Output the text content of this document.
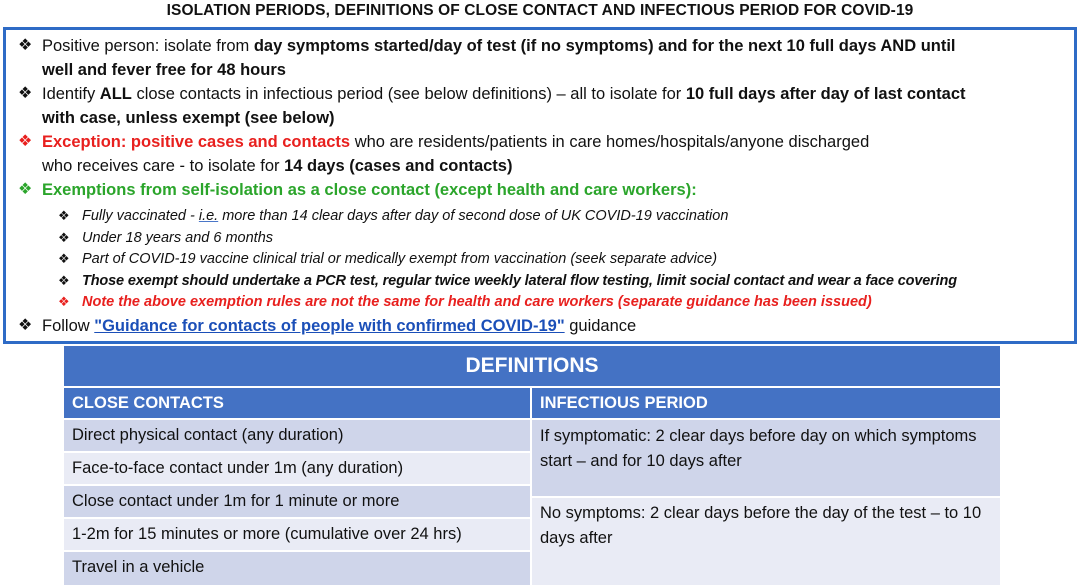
ISOLATION PERIODS, DEFINITIONS OF CLOSE CONTACT AND INFECTIOUS PERIOD FOR COVID-19
❖ Positive person: isolate from day symptoms started/day of test (if no symptoms) and for the next 10 full days AND until
well and fever free for 48 hours
❖ Identify ALL close contacts in infectious period (see below definitions) – all to isolate for 10 full days after day of last contact
with case, unless exempt (see below)
❖ Exception: positive cases and contacts who are residents/patients in care homes/hospitals/anyone discharged
who receives care - to isolate for 14 days (cases and contacts)
❖ Exemptions from self-isolation as a close contact (except health and care workers):
❖ Fully vaccinated - i.e. more than 14 clear days after day of second dose of UK COVID-19 vaccination
❖ Under 18 years and 6 months
❖ Part of COVID-19 vaccine clinical trial or medically exempt from vaccination (seek separate advice)
❖ Those exempt should undertake a PCR test, regular twice weekly lateral flow testing, limit social contact and wear a face covering
❖ Note the above exemption rules are not the same for health and care workers (separate guidance has been issued)
❖ Follow "Guidance for contacts of people with confirmed COVID-19" guidance
DEFINITIONS
CLOSE CONTACTS	INFECTIOUS PERIOD
Direct physical contact (any duration)
Face-to-face contact under 1m (any duration)
Close contact under 1m for 1 minute or more
1-2m for 15 minutes or more (cumulative over 24 hrs)
Travel in a vehicle
If symptomatic: 2 clear days before day on which symptoms start – and for 10 days after
No symptoms: 2 clear days before the day of the test – to 10 days after
